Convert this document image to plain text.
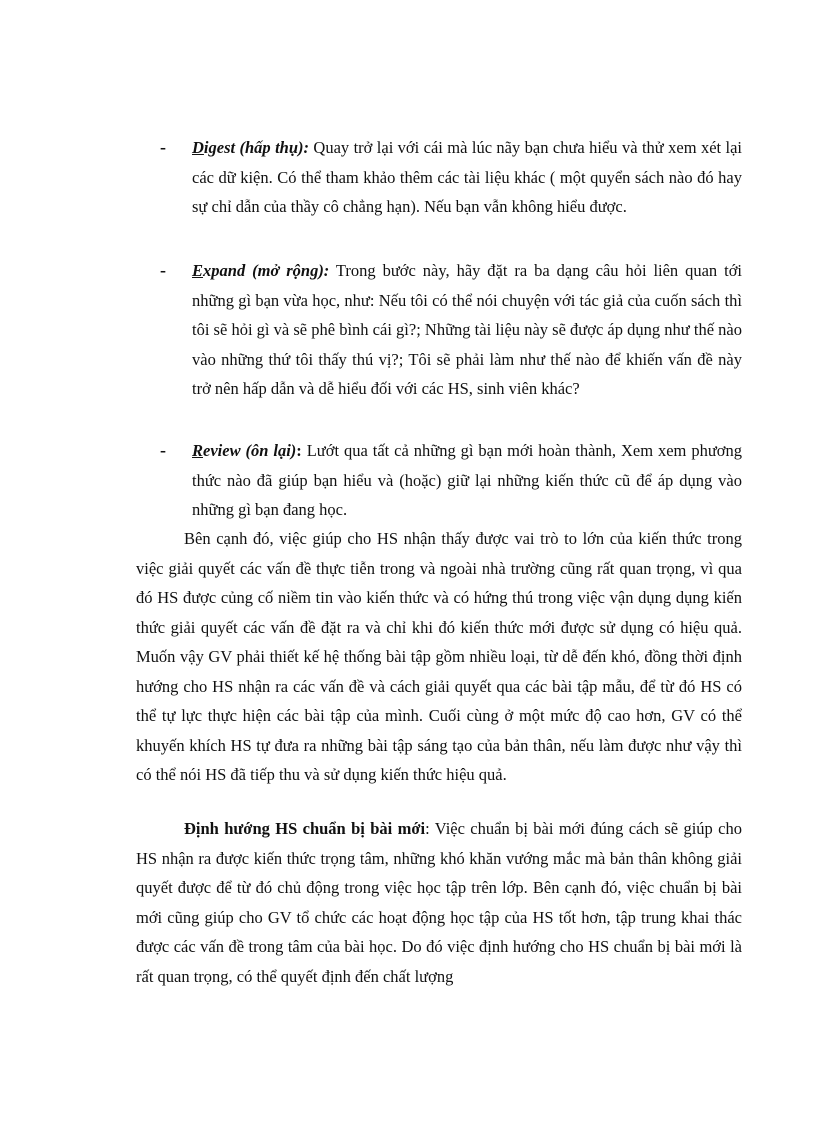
- Digest (hấp thụ): Quay trở lại với cái mà lúc nãy bạn chưa hiểu và thử xem xét lại các dữ kiện. Có thể tham khảo thêm các tài liệu khác ( một quyển sách nào đó hay sự chỉ dẫn của thầy cô chẳng hạn). Nếu bạn vẫn không hiểu được.
- Expand (mở rộng): Trong bước này, hãy đặt ra ba dạng câu hỏi liên quan tới những gì bạn vừa học, như: Nếu tôi có thể nói chuyện với tác giả của cuốn sách thì tôi sẽ hỏi gì và sẽ phê bình cái gì?; Những tài liệu này sẽ được áp dụng như thế nào vào những thứ tôi thấy thú vị?; Tôi sẽ phải làm như thế nào để khiến vấn đề này trở nên hấp dẫn và dễ hiểu đối với các HS, sinh viên khác?
- Review (ôn lại): Lướt qua tất cả những gì bạn mới hoàn thành, Xem xem phương thức nào đã giúp bạn hiểu và (hoặc) giữ lại những kiến thức cũ để áp dụng vào những gì bạn đang học.

Bên cạnh đó, việc giúp cho HS nhận thấy được vai trò to lớn của kiến thức trong việc giải quyết các vấn đề thực tiễn trong và ngoài nhà trường cũng rất quan trọng, vì qua đó HS được củng cố niềm tin vào kiến thức và có hứng thú trong việc vận dụng dụng kiến thức giải quyết các vấn đề đặt ra và chỉ khi đó kiến thức mới được sử dụng có hiệu quả. Muốn vậy GV phải thiết kế hệ thống bài tập gồm nhiều loại, từ dễ đến khó, đồng thời định hướng cho HS nhận ra các vấn đề và cách giải quyết qua các bài tập mẫu, để từ đó HS có thể tự lực thực hiện các bài tập của mình. Cuối cùng ở một mức độ cao hơn, GV có thể khuyến khích HS tự đưa ra những bài tập sáng tạo của bản thân, nếu làm được như vậy thì có thể nói HS đã tiếp thu và sử dụng kiến thức hiệu quả.

Định hướng HS chuẩn bị bài mới: Việc chuẩn bị bài mới đúng cách sẽ giúp cho HS nhận ra được kiến thức trọng tâm, những khó khăn vướng mắc mà bản thân không giải quyết được để từ đó chủ động trong việc học tập trên lớp. Bên cạnh đó, việc chuẩn bị bài mới cũng giúp cho GV tổ chức các hoạt động học tập của HS tốt hơn, tập trung khai thác được các vấn đề trong tâm của bài học. Do đó việc định hướng cho HS chuẩn bị bài mới là rất quan trọng, có thể quyết định đến chất lượng
